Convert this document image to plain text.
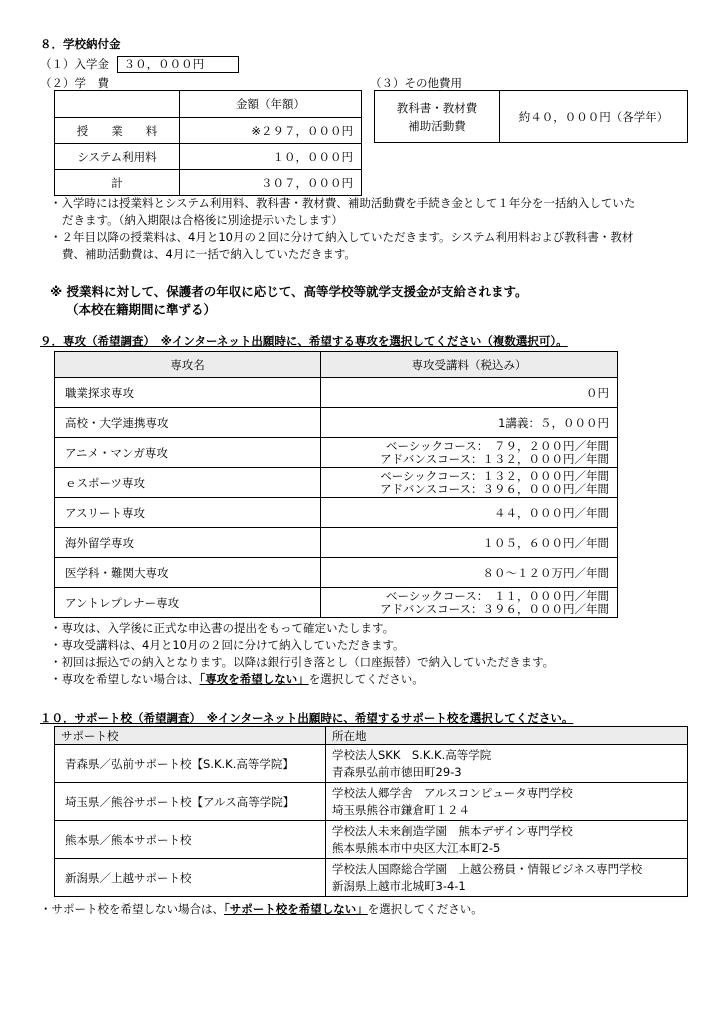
８．学校納付金
（１）入学金 ３０，０００円
（２）学　費	（３）その他費用
	金額（年額）
授　　業　　料	※２９７，０００円
システム利用料	１０，０００円
計	３０７，０００円
教科書・教材費
補助活動費
	約４０，０００円（各学年）
・入学時には授業料とシステム利用料、教科書・教材費、補助活動費を手続き金として１年分を一括納入していた
だきます。（納入期限は合格後に別途提示いたします）
・２年目以降の授業料は、4月と10月の２回に分けて納入していただきます。システム利用料および教科書・教材
費、補助活動費は、4月に一括で納入していただきます。
※ 授業料に対して、保護者の年収に応じて、高等学校等就学支援金が支給されます。
（本校在籍期間に準ずる）
９．専攻（希望調査）　※インターネット出願時に、希望する専攻を選択してください（複数選択可）。
専攻名	専攻受講料（税込み）
職業探求専攻	０円

高校・大学連携専攻	1講義：５，０００円

アニメ・マンガ専攻	ベーシックコース：　７９，２００円／年間
アドバンスコース：１３２，０００円／年間

ｅスポーツ専攻	ベーシックコース：１３２，０００円／年間
アドバンスコース：３９６，０００円／年間

アスリート専攻	４４，０００円／年間

海外留学専攻	１０５，６００円／年間

医学科・難関大専攻	８０～１２０万円／年間

アントレプレナー専攻	ベーシックコース：　１１，０００円／年間
アドバンスコース：３９６，０００円／年間
・専攻は、入学後に正式な申込書の提出をもって確定いたします。
・専攻受講料は、4月と10月の２回に分けて納入していただきます。
・初回は振込での納入となります。以降は銀行引き落とし（口座振替）で納入していただきます。
・専攻を希望しない場合は、「専攻を希望しない」を選択してください。
１０．サポート校（希望調査）　※インターネット出願時に、希望するサポート校を選択してください。
サポート校	所在地
青森県／弘前サポート校【S.K.K.高等学院】	学校法人SKK　S.K.K.高等学院
青森県弘前市徳田町29-3

埼玉県／熊谷サポート校【アルス高等学院】	学校法人郷学舎　アルスコンピュータ専門学校
埼玉県熊谷市鎌倉町１２４

熊本県／熊本サポート校	学校法人未来創造学園　熊本デザイン専門学校
熊本県熊本市中央区大江本町2-5

新潟県／上越サポート校	学校法人国際総合学園　上越公務員・情報ビジネス専門学校
新潟県上越市北城町3-4-1
・サポート校を希望しない場合は、「サポート校を希望しない」を選択してください。
